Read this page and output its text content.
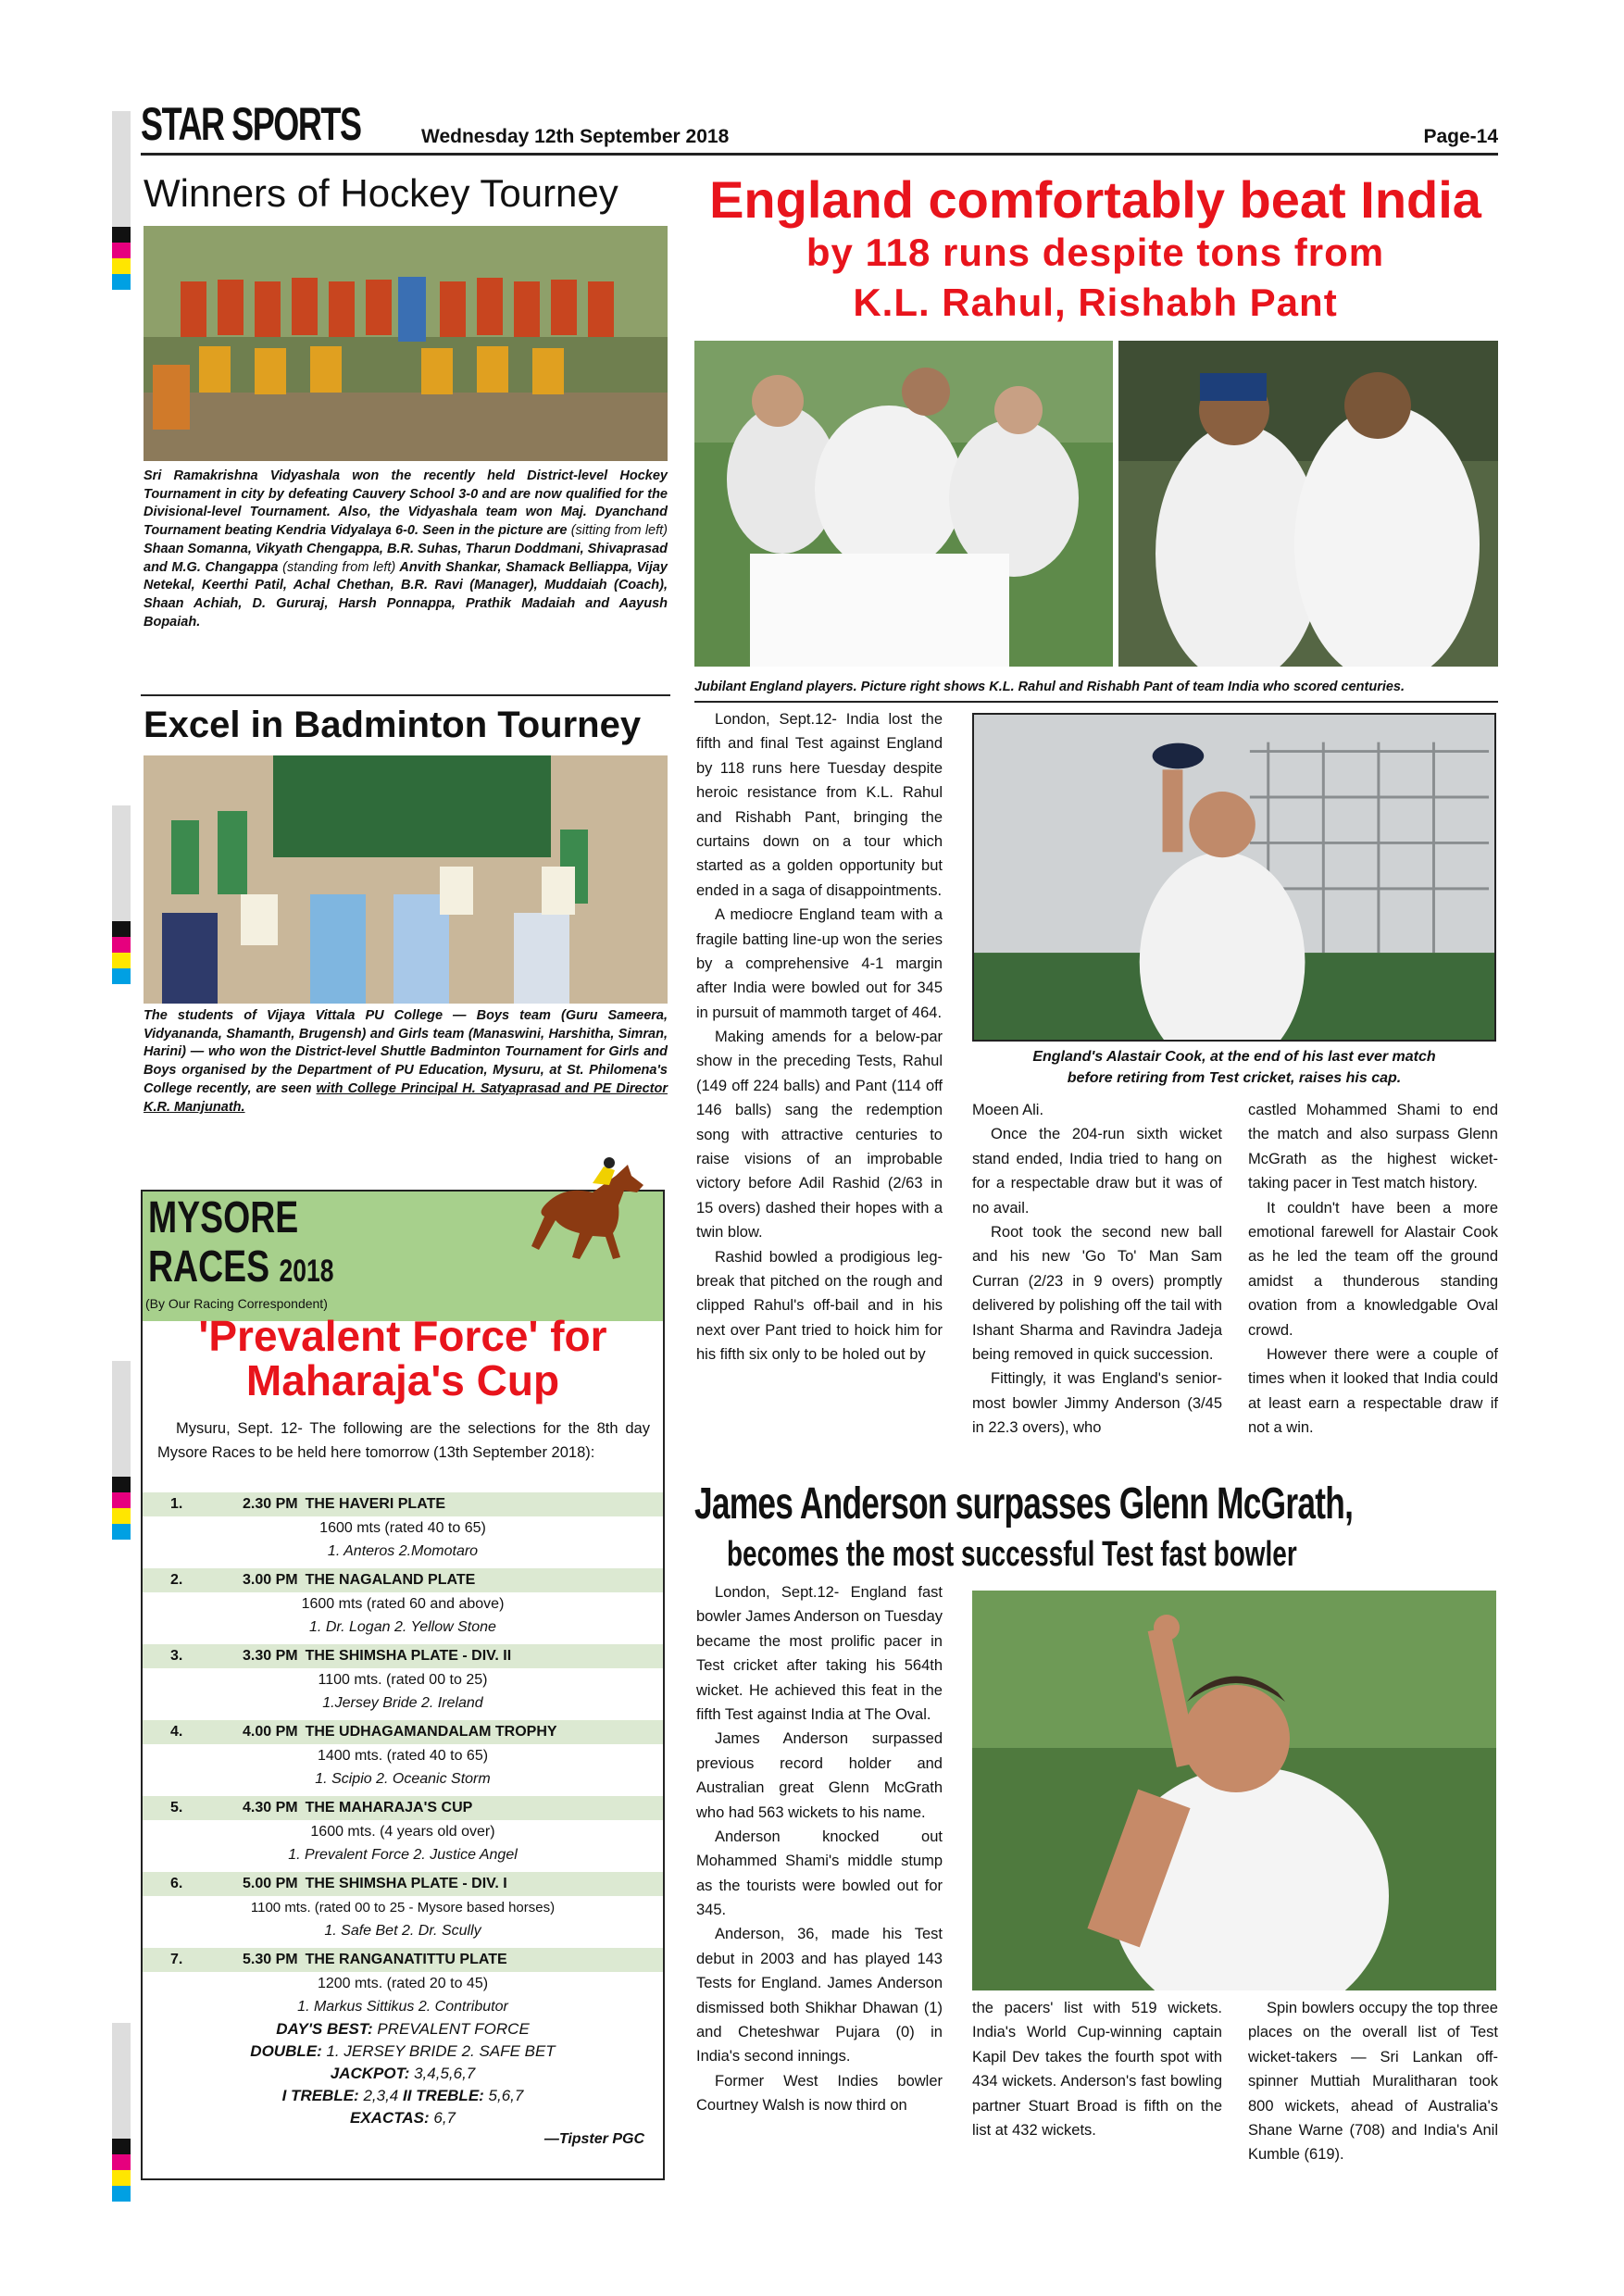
STAR SPORTS	Wednesday 12th September 2018	Page-14
Winners of Hockey Tourney

Sri Ramakrishna Vidyashala won the recently held District-level Hockey Tournament in city by defeating Cauvery School 3-0 and are now qualified for the Divisional-level Tournament. Also, the Vidyashala team won Maj. Dyanchand Tournament beating Kendria Vidyalaya 6-0. Seen in the picture are (sitting from left) Shaan Somanna, Vikyath Chengappa, B.R. Suhas, Tharun Doddmani, Shivaprasad and M.G. Changappa (standing from left) Anvith Shankar, Shamack Belliappa, Vijay Netekal, Keerthi Patil, Achal Chethan, B.R. Ravi (Manager), Muddaiah (Coach), Shaan Achiah, D. Gururaj, Harsh Ponnappa, Prathik Madaiah and Aayush Bopaiah.

Excel in Badminton Tourney

The students of Vijaya Vittala PU College — Boys team (Guru Sameera, Vidyananda, Shamanth, Brugensh) and Girls team (Manaswini, Harshitha, Simran, Harini) — who won the District-level Shuttle Badminton Tournament for Girls and Boys organised by the Department of PU Education, Mysuru, at St. Philomena's College recently, are seen with College Principal H. Satyaprasad and PE Director K.R. Manjunath.

MYSORE
RACES 2018
(By Our Racing Correspondent)
'Prevalent Force' for
Maharaja's Cup

Mysuru, Sept. 12- The following are the selections for the 8th day Mysore Races to be held here tomorrow (13th September 2018):

1.	2.30 PM THE HAVERI PLATE
1600 mts (rated 40 to 65)
1. Anteros 2.Momotaro
2.	3.00 PM THE NAGALAND PLATE
1600 mts (rated 60 and above)
1. Dr. Logan 2. Yellow Stone
3.	3.30 PM THE SHIMSHA PLATE - DIV. II
1100 mts. (rated 00 to 25)
1.Jersey Bride 2. Ireland
4.	4.00 PM THE UDHAGAMANDALAM TROPHY
1400 mts. (rated 40 to 65)
1. Scipio 2. Oceanic Storm
5.	4.30 PM THE MAHARAJA'S CUP
1600 mts. (4 years old over)
1. Prevalent Force 2. Justice Angel
6.	5.00 PM THE SHIMSHA PLATE - DIV. I
1100 mts. (rated 00 to 25 - Mysore based horses)
1. Safe Bet 2. Dr. Scully
7.	5.30 PM THE RANGANATITTU PLATE
1200 mts. (rated 20 to 45)
1. Markus Sittikus 2. Contributor
DAY'S BEST: PREVALENT FORCE
DOUBLE: 1. JERSEY BRIDE 2. SAFE BET
JACKPOT: 3,4,5,6,7
I TREBLE: 2,3,4 II TREBLE: 5,6,7
EXACTAS: 6,7
—Tipster PGC
England comfortably beat India
by 118 runs despite tons from
K.L. Rahul, Rishabh Pant
Jubilant England players. Picture right shows K.L. Rahul and Rishabh Pant of team India who scored centuries.

London, Sept.12- India lost the fifth and final Test against England by 118 runs here Tuesday despite heroic resistance from K.L. Rahul and Rishabh Pant, bringing the curtains down on a tour which started as a golden opportunity but ended in a saga of disappointments.

A mediocre England team with a fragile batting line-up won the series by a comprehensive 4-1 margin after India were bowled out for 345 in pursuit of mammoth target of 464.

Making amends for a below-par show in the preceding Tests, Rahul (149 off 224 balls) and Pant (114 off 146 balls) sang the redemption song with attractive centuries to raise visions of an improbable victory before Adil Rashid (2/63 in 15 overs) dashed their hopes with a twin blow.

Rashid bowled a prodigious leg-break that pitched on the rough and clipped Rahul's off-bail and in his next over Pant tried to hoick him for his fifth six only to be holed out by

England's Alastair Cook, at the end of his last ever match
before retiring from Test cricket, raises his cap.

Moeen Ali.

Once the 204-run sixth wicket stand ended, India tried to hang on for a respectable draw but it was of no avail.

Root took the second new ball and his new 'Go To' Man Sam Curran (2/23 in 9 overs) promptly delivered by polishing off the tail with Ishant Sharma and Ravindra Jadeja being removed in quick succession.

Fittingly, it was England's senior-most bowler Jimmy Anderson (3/45 in 22.3 overs), who

castled Mohammed Shami to end the match and also surpass Glenn McGrath as the highest wicket-taking pacer in Test match history.

It couldn't have been a more emotional farewell for Alastair Cook as he led the team off the ground amidst a thunderous standing ovation from a knowledgable Oval crowd.

However there were a couple of times when it looked that India could at least earn a respectable draw if not a win.

James Anderson surpasses Glenn McGrath,
becomes the most successful Test fast bowler

London, Sept.12- England fast bowler James Anderson on Tuesday became the most prolific pacer in Test cricket after taking his 564th wicket. He achieved this feat in the fifth Test against India at The Oval.

James Anderson surpassed previous record holder and Australian great Glenn McGrath who had 563 wickets to his name.

Anderson knocked out Mohammed Shami's middle stump as the tourists were bowled out for 345.

Anderson, 36, made his Test debut in 2003 and has played 143 Tests for England. James Anderson dismissed both Shikhar Dhawan (1) and Cheteshwar Pujara (0) in India's second innings.

Former West Indies bowler Courtney Walsh is now third on

the pacers' list with 519 wickets. India's World Cup-winning captain Kapil Dev takes the fourth spot with 434 wickets. Anderson's fast bowling partner Stuart Broad is fifth on the list at 432 wickets.

Spin bowlers occupy the top three places on the overall list of Test wicket-takers — Sri Lankan off-spinner Muttiah Muralitharan took 800 wickets, ahead of Australia's Shane Warne (708) and India's Anil Kumble (619).
